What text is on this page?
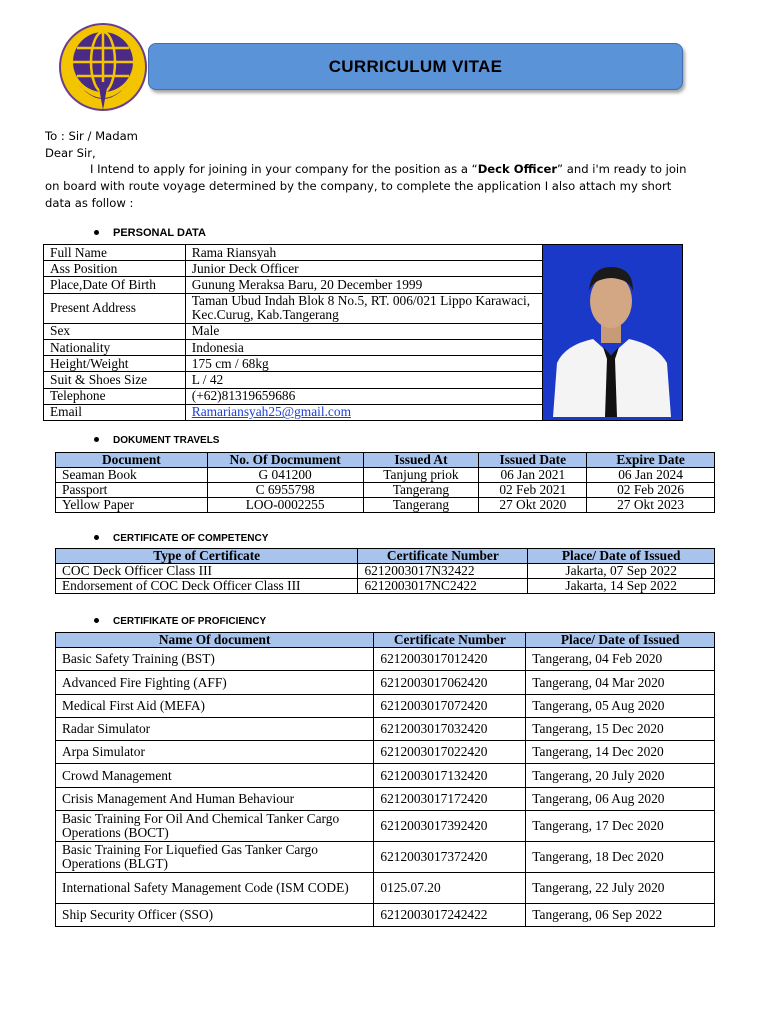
CURRICULUM VITAE

To : Sir / Madam

Dear Sir,

I Intend to apply for joining in your company for the position as a “Deck Officer” and i'm ready to join on board with route voyage determined by the company, to complete the application I also attach my short data as follow :

PERSONAL DATA
Full Name	Rama Riansyah	
Ass Position	Junior Deck Officer	
Place,Date Of Birth	Gunung Meraksa Baru, 20 December 1999	
Present Address	Taman Ubud Indah Blok 8 No.5, RT. 006/021 Lippo Karawaci, Kec.Curug, Kab.Tangerang	
Sex	Male	
Nationality	Indonesia	
Height/Weight	175 cm / 68kg	
Suit & Shoes Size	L / 42	
Telephone	(+62)81319659686	
Email	Ramariansyah25@gmail.com	
DOKUMENT TRAVELS
Document	No. Of Docmument	Issued At	Issued Date	Expire Date
Seaman Book	G 041200	Tanjung priok	06 Jan 2021	06 Jan 2024
Passport	C 6955798	Tangerang	02 Feb 2021	02 Feb 2026
Yellow Paper	LOO-0002255	Tangerang	27 Okt 2020	27 Okt 2023
CERTIFICATE OF COMPETENCY
Type of Certificate	Certificate Number	Place/ Date of Issued
COC Deck Officer Class III	6212003017N32422	Jakarta, 07 Sep 2022
Endorsement of COC Deck Officer Class III	6212003017NC2422	Jakarta, 14 Sep 2022
CERTIFIKATE OF PROFICIENCY
Name Of document	Certificate Number	Place/ Date of Issued
Basic Safety Training (BST)	6212003017012420	Tangerang, 04 Feb 2020
Advanced Fire Fighting (AFF)	6212003017062420	Tangerang, 04 Mar 2020
Medical First Aid (MEFA)	6212003017072420	Tangerang, 05 Aug 2020
Radar Simulator	6212003017032420	Tangerang, 15 Dec 2020
Arpa Simulator	6212003017022420	Tangerang, 14 Dec 2020
Crowd Management	6212003017132420	Tangerang, 20 July 2020
Crisis Management And Human Behaviour	6212003017172420	Tangerang, 06 Aug 2020
Basic Training For Oil And Chemical Tanker Cargo Operations (BOCT)	6212003017392420	Tangerang, 17 Dec 2020
Basic Training For Liquefied Gas Tanker Cargo Operations (BLGT)	6212003017372420	Tangerang, 18 Dec 2020
International Safety Management Code (ISM CODE)	0125.07.20	Tangerang, 22 July 2020
Ship Security Officer (SSO)	6212003017242422	Tangerang, 06 Sep 2022
